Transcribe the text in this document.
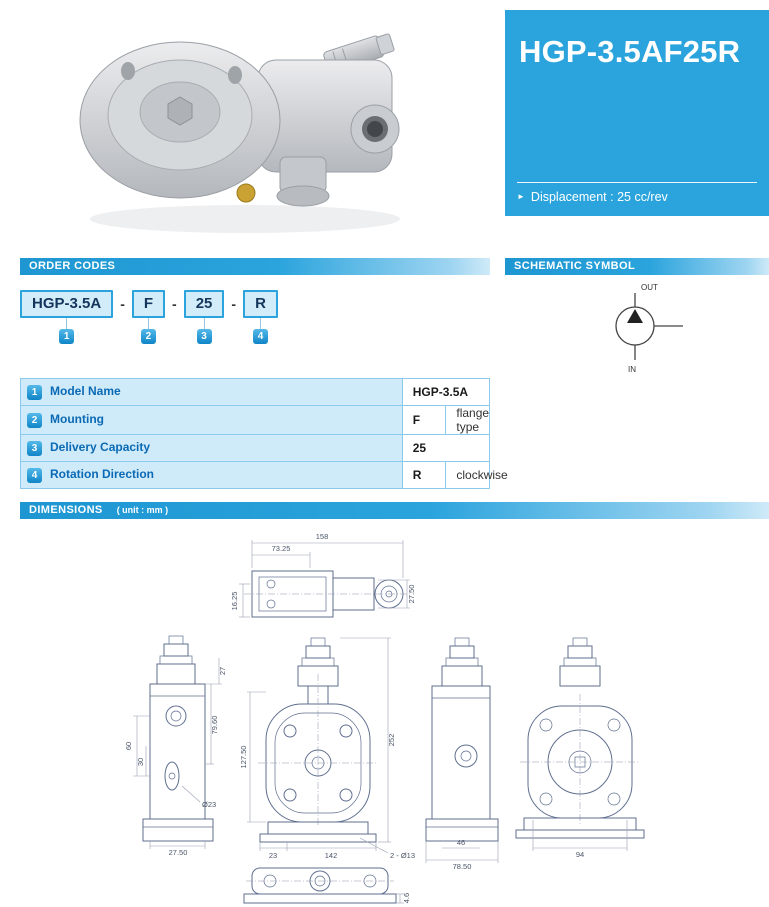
HGP-3.5AF25R
► Displacement : 25 cc/rev
ORDER CODES	SCHEMATIC SYMBOL
DIMENSIONS ( unit : mm )
HGP-3.5A
1
-	F
2
-	25
3
-	R
4
1 Model Name	HGP-3.5A	
2 Mounting	F	flange type
3 Delivery Capacity	25	
4 Rotation Direction	R	clockwise
OUT
IN
158
73.25
27.50
16.25
27
79.60
60
30
Ø23
27.50
127.50
252
23	142	2 - Ø13
46
78.50
94
4.6
